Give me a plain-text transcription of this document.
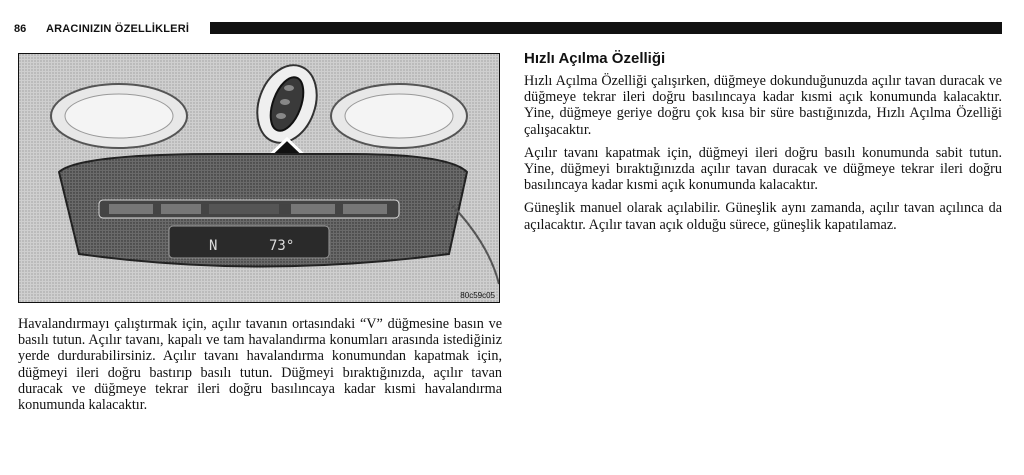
86 ARACINIZIN ÖZELLİKLERİ
N	73°
80c59c05

Havalandırmayı çalıştırmak için, açılır tavanın ortasındaki “V” düğmesine basın ve basılı tutun. Açılır tavanı, kapalı ve tam havalandırma konumları arasında istediğiniz yerde durdurabilirsiniz. Açılır tavanı havalandırma konumundan kapatmak için, düğmeyi ileri doğru bastırıp basılı tutun. Düğmeyi bıraktığınızda, açılır tavan duracak ve düğmeye tekrar ileri doğru basılıncaya kadar kısmi havalandırma konumunda kalacaktır.

Hızlı Açılma Özelliği

Hızlı Açılma Özelliği çalışırken, düğmeye dokunduğunuzda açılır tavan duracak ve düğmeye tekrar ileri doğru basılıncaya kadar kısmi açık konumunda kalacaktır. Yine, düğmeye geriye doğru çok kısa bir süre bastığınızda, Hızlı Açılma Özelliği çalışacaktır.

Açılır tavanı kapatmak için, düğmeyi ileri doğru basılı konumunda sabit tutun. Yine, düğmeyi bıraktığınızda açılır tavan duracak ve düğmeye tekrar ileri doğru basılıncaya kadar kısmi açık konumunda kalacaktır.

Güneşlik manuel olarak açılabilir. Güneşlik aynı zamanda, açılır tavan açılınca da açılacaktır. Açılır tavan açık olduğu sürece, güneşlik kapatılamaz.
